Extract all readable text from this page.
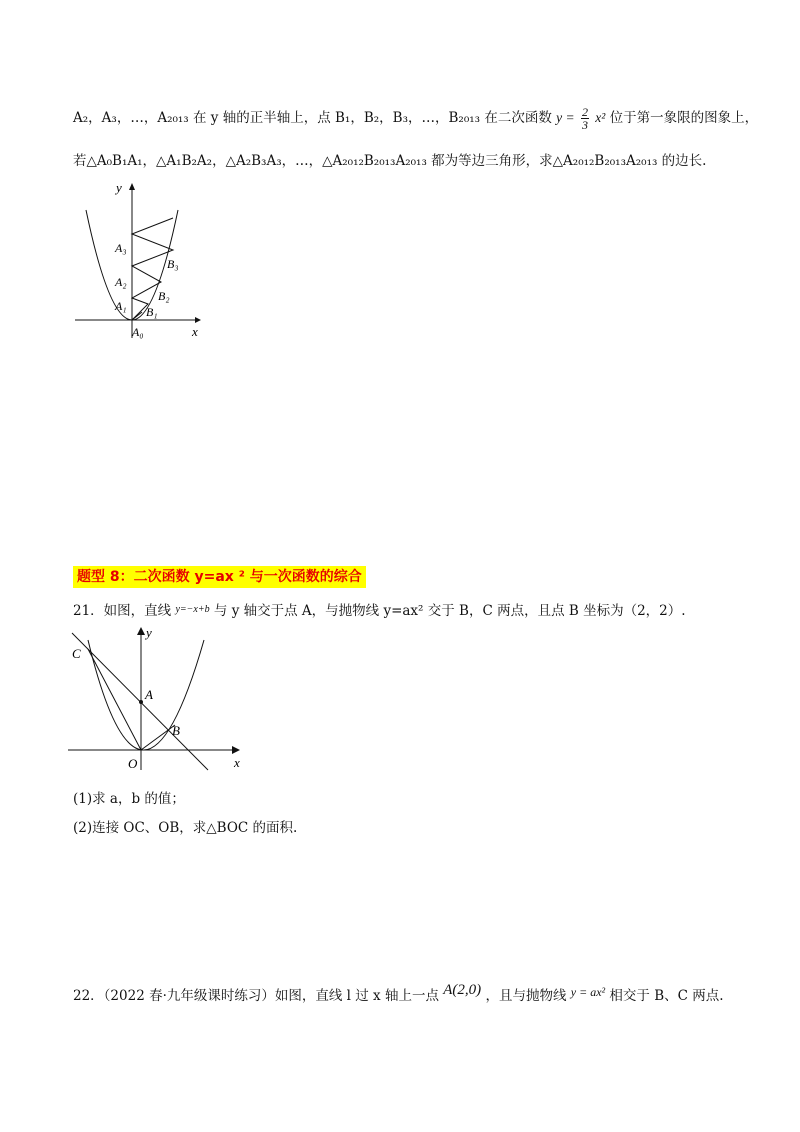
A₂，A₃，…，A₂₀₁₃ 在 y 轴的正半轴上，点 B₁，B₂，B₃，…，B₂₀₁₃ 在二次函数 $y = \frac{2}{3} x^2$ 位于第一象限的图象上，
若△A₀B₁A₁，△A₁B₂A₂，△A₂B₃A₃，…，△A₂₀₁₂B₂₀₁₃A₂₀₁₃ 都为等边三角形，求△A₂₀₁₂B₂₀₁₃A₂₀₁₃ 的边长.
y
x
A₃
A₂
A₁
A₀
B₃
B₂
B₁
题型 8：二次函数 y=ax ² 与一次函数的综合
21．如图，直线 $^{y=-x+b}$ 与 y 轴交于点 A，与抛物线 y=ax² 交于 B，C 两点，且点 B 坐标为（2，2）.
y
x
C
A
B
O
(1)求 a，b 的值；
(2)连接 OC、OB，求△BOC 的面积.
22．（2022 春·九年级课时练习）如图，直线 l 过 x 轴上一点 A(2,0) ，且与抛物线 y = ax² 相交于 B、C 两点.
